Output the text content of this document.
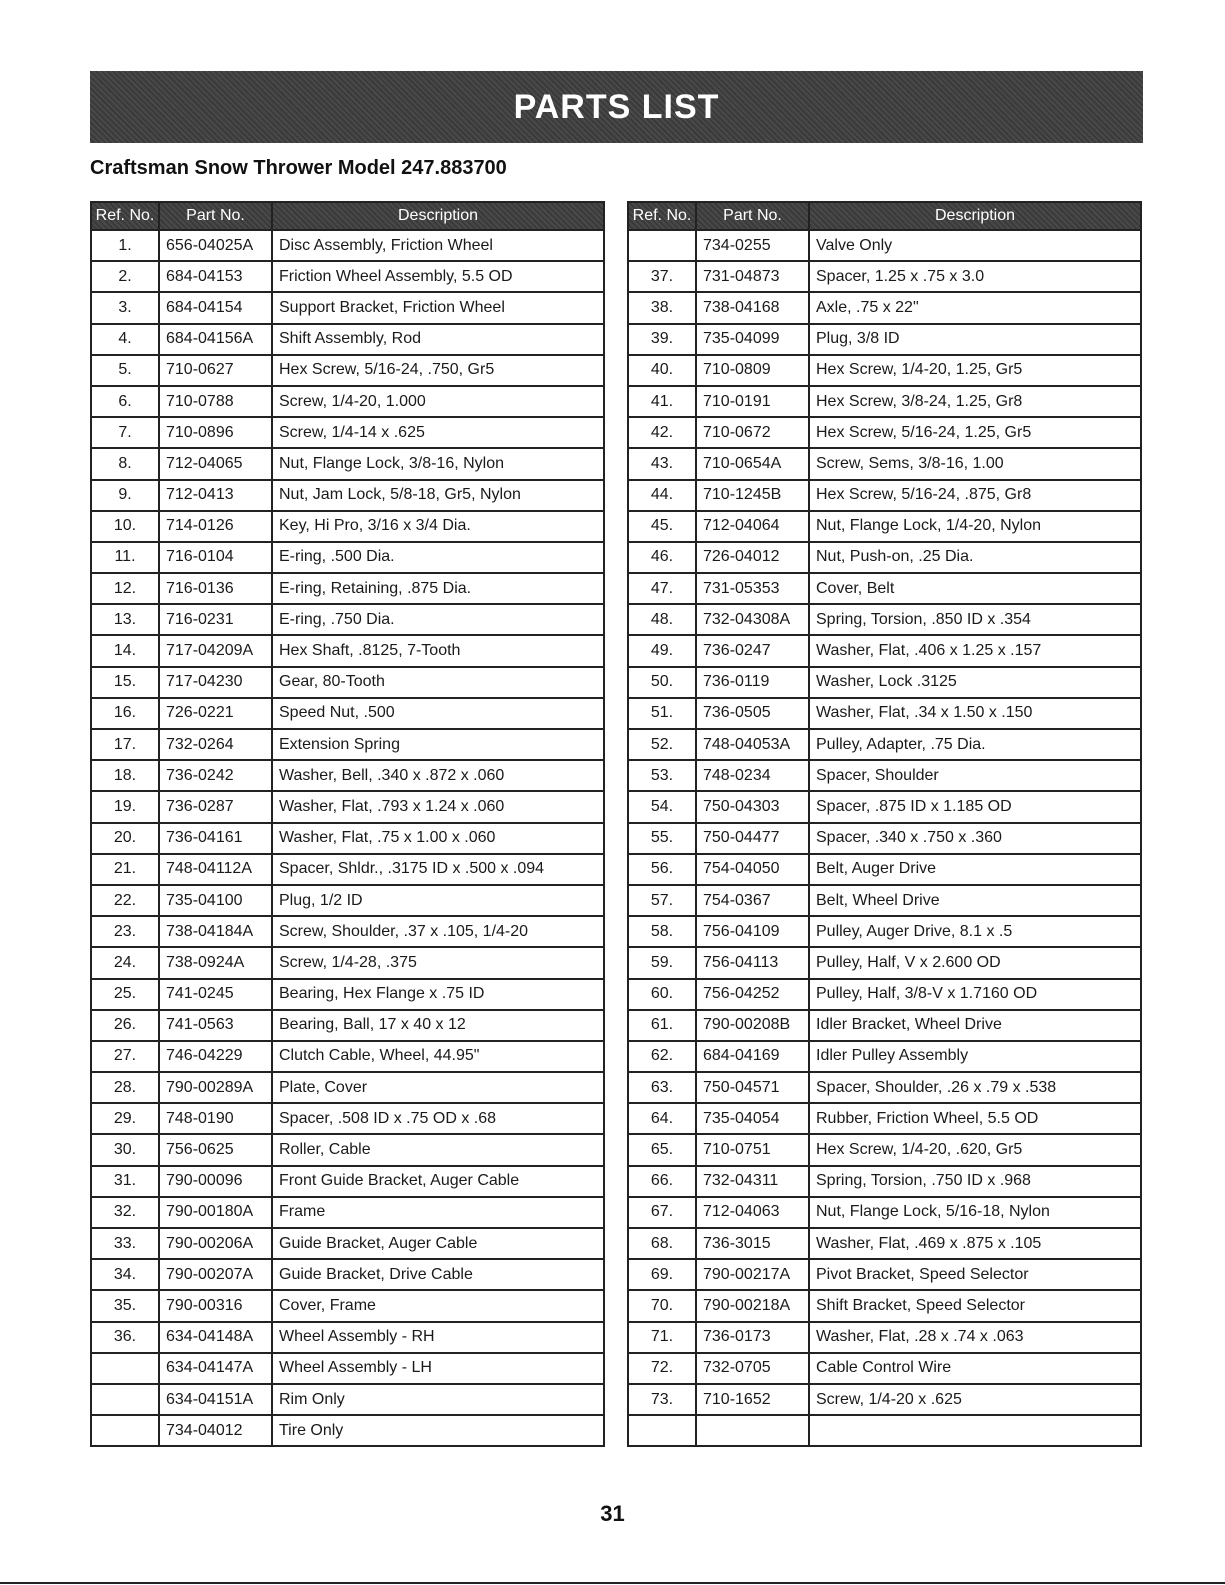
PARTS LIST
Craftsman Snow Thrower Model 247.883700
Ref. No.	Part No.	Description
1.	656-04025A	Disc Assembly, Friction Wheel
2.	684-04153	Friction Wheel Assembly, 5.5 OD
3.	684-04154	Support Bracket, Friction Wheel
4.	684-04156A	Shift Assembly, Rod
5.	710-0627	Hex Screw, 5/16-24, .750, Gr5
6.	710-0788	Screw, 1/4-20, 1.000
7.	710-0896	Screw, 1/4-14 x .625
8.	712-04065	Nut, Flange Lock, 3/8-16, Nylon
9.	712-0413	Nut, Jam Lock, 5/8-18, Gr5, Nylon
10.	714-0126	Key, Hi Pro, 3/16 x 3/4 Dia.
11.	716-0104	E-ring, .500 Dia.
12.	716-0136	E-ring, Retaining, .875 Dia.
13.	716-0231	E-ring, .750 Dia.
14.	717-04209A	Hex Shaft, .8125, 7-Tooth
15.	717-04230	Gear, 80-Tooth
16.	726-0221	Speed Nut, .500
17.	732-0264	Extension Spring
18.	736-0242	Washer, Bell, .340 x .872 x .060
19.	736-0287	Washer, Flat, .793 x 1.24 x .060
20.	736-04161	Washer, Flat, .75 x 1.00 x .060
21.	748-04112A	Spacer, Shldr., .3175 ID x .500 x .094
22.	735-04100	Plug, 1/2 ID
23.	738-04184A	Screw, Shoulder, .37 x .105, 1/4-20
24.	738-0924A	Screw, 1/4-28, .375
25.	741-0245	Bearing, Hex Flange x .75 ID
26.	741-0563	Bearing, Ball, 17 x 40 x 12
27.	746-04229	Clutch Cable, Wheel, 44.95"
28.	790-00289A	Plate, Cover
29.	748-0190	Spacer, .508 ID x .75 OD x .68
30.	756-0625	Roller, Cable
31.	790-00096	Front Guide Bracket, Auger Cable
32.	790-00180A	Frame
33.	790-00206A	Guide Bracket, Auger Cable
34.	790-00207A	Guide Bracket, Drive Cable
35.	790-00316	Cover, Frame
36.	634-04148A	Wheel Assembly - RH
	634-04147A	Wheel Assembly - LH
	634-04151A	Rim Only
	734-04012	Tire Only
Ref. No.	Part No.	Description
	734-0255	Valve Only
37.	731-04873	Spacer, 1.25 x .75 x 3.0
38.	738-04168	Axle, .75 x 22"
39.	735-04099	Plug, 3/8 ID
40.	710-0809	Hex Screw, 1/4-20, 1.25, Gr5
41.	710-0191	Hex Screw, 3/8-24, 1.25, Gr8
42.	710-0672	Hex Screw, 5/16-24, 1.25, Gr5
43.	710-0654A	Screw, Sems, 3/8-16, 1.00
44.	710-1245B	Hex Screw, 5/16-24, .875, Gr8
45.	712-04064	Nut, Flange Lock, 1/4-20, Nylon
46.	726-04012	Nut, Push-on, .25 Dia.
47.	731-05353	Cover, Belt
48.	732-04308A	Spring, Torsion, .850 ID x .354
49.	736-0247	Washer, Flat, .406 x 1.25 x .157
50.	736-0119	Washer, Lock .3125
51.	736-0505	Washer, Flat, .34 x 1.50 x .150
52.	748-04053A	Pulley, Adapter, .75 Dia.
53.	748-0234	Spacer, Shoulder
54.	750-04303	Spacer, .875 ID x 1.185 OD
55.	750-04477	Spacer, .340 x .750 x .360
56.	754-04050	Belt, Auger Drive
57.	754-0367	Belt, Wheel Drive
58.	756-04109	Pulley, Auger Drive, 8.1 x .5
59.	756-04113	Pulley, Half, V x 2.600 OD
60.	756-04252	Pulley, Half, 3/8-V x 1.7160 OD
61.	790-00208B	Idler Bracket, Wheel Drive
62.	684-04169	Idler Pulley Assembly
63.	750-04571	Spacer, Shoulder, .26 x .79 x .538
64.	735-04054	Rubber, Friction Wheel, 5.5 OD
65.	710-0751	Hex Screw, 1/4-20, .620, Gr5
66.	732-04311	Spring, Torsion, .750 ID x .968
67.	712-04063	Nut, Flange Lock, 5/16-18, Nylon
68.	736-3015	Washer, Flat, .469 x .875 x .105
69.	790-00217A	Pivot Bracket, Speed Selector
70.	790-00218A	Shift Bracket, Speed Selector
71.	736-0173	Washer, Flat, .28 x .74 x .063
72.	732-0705	Cable Control Wire
73.	710-1652	Screw, 1/4-20 x .625

31
